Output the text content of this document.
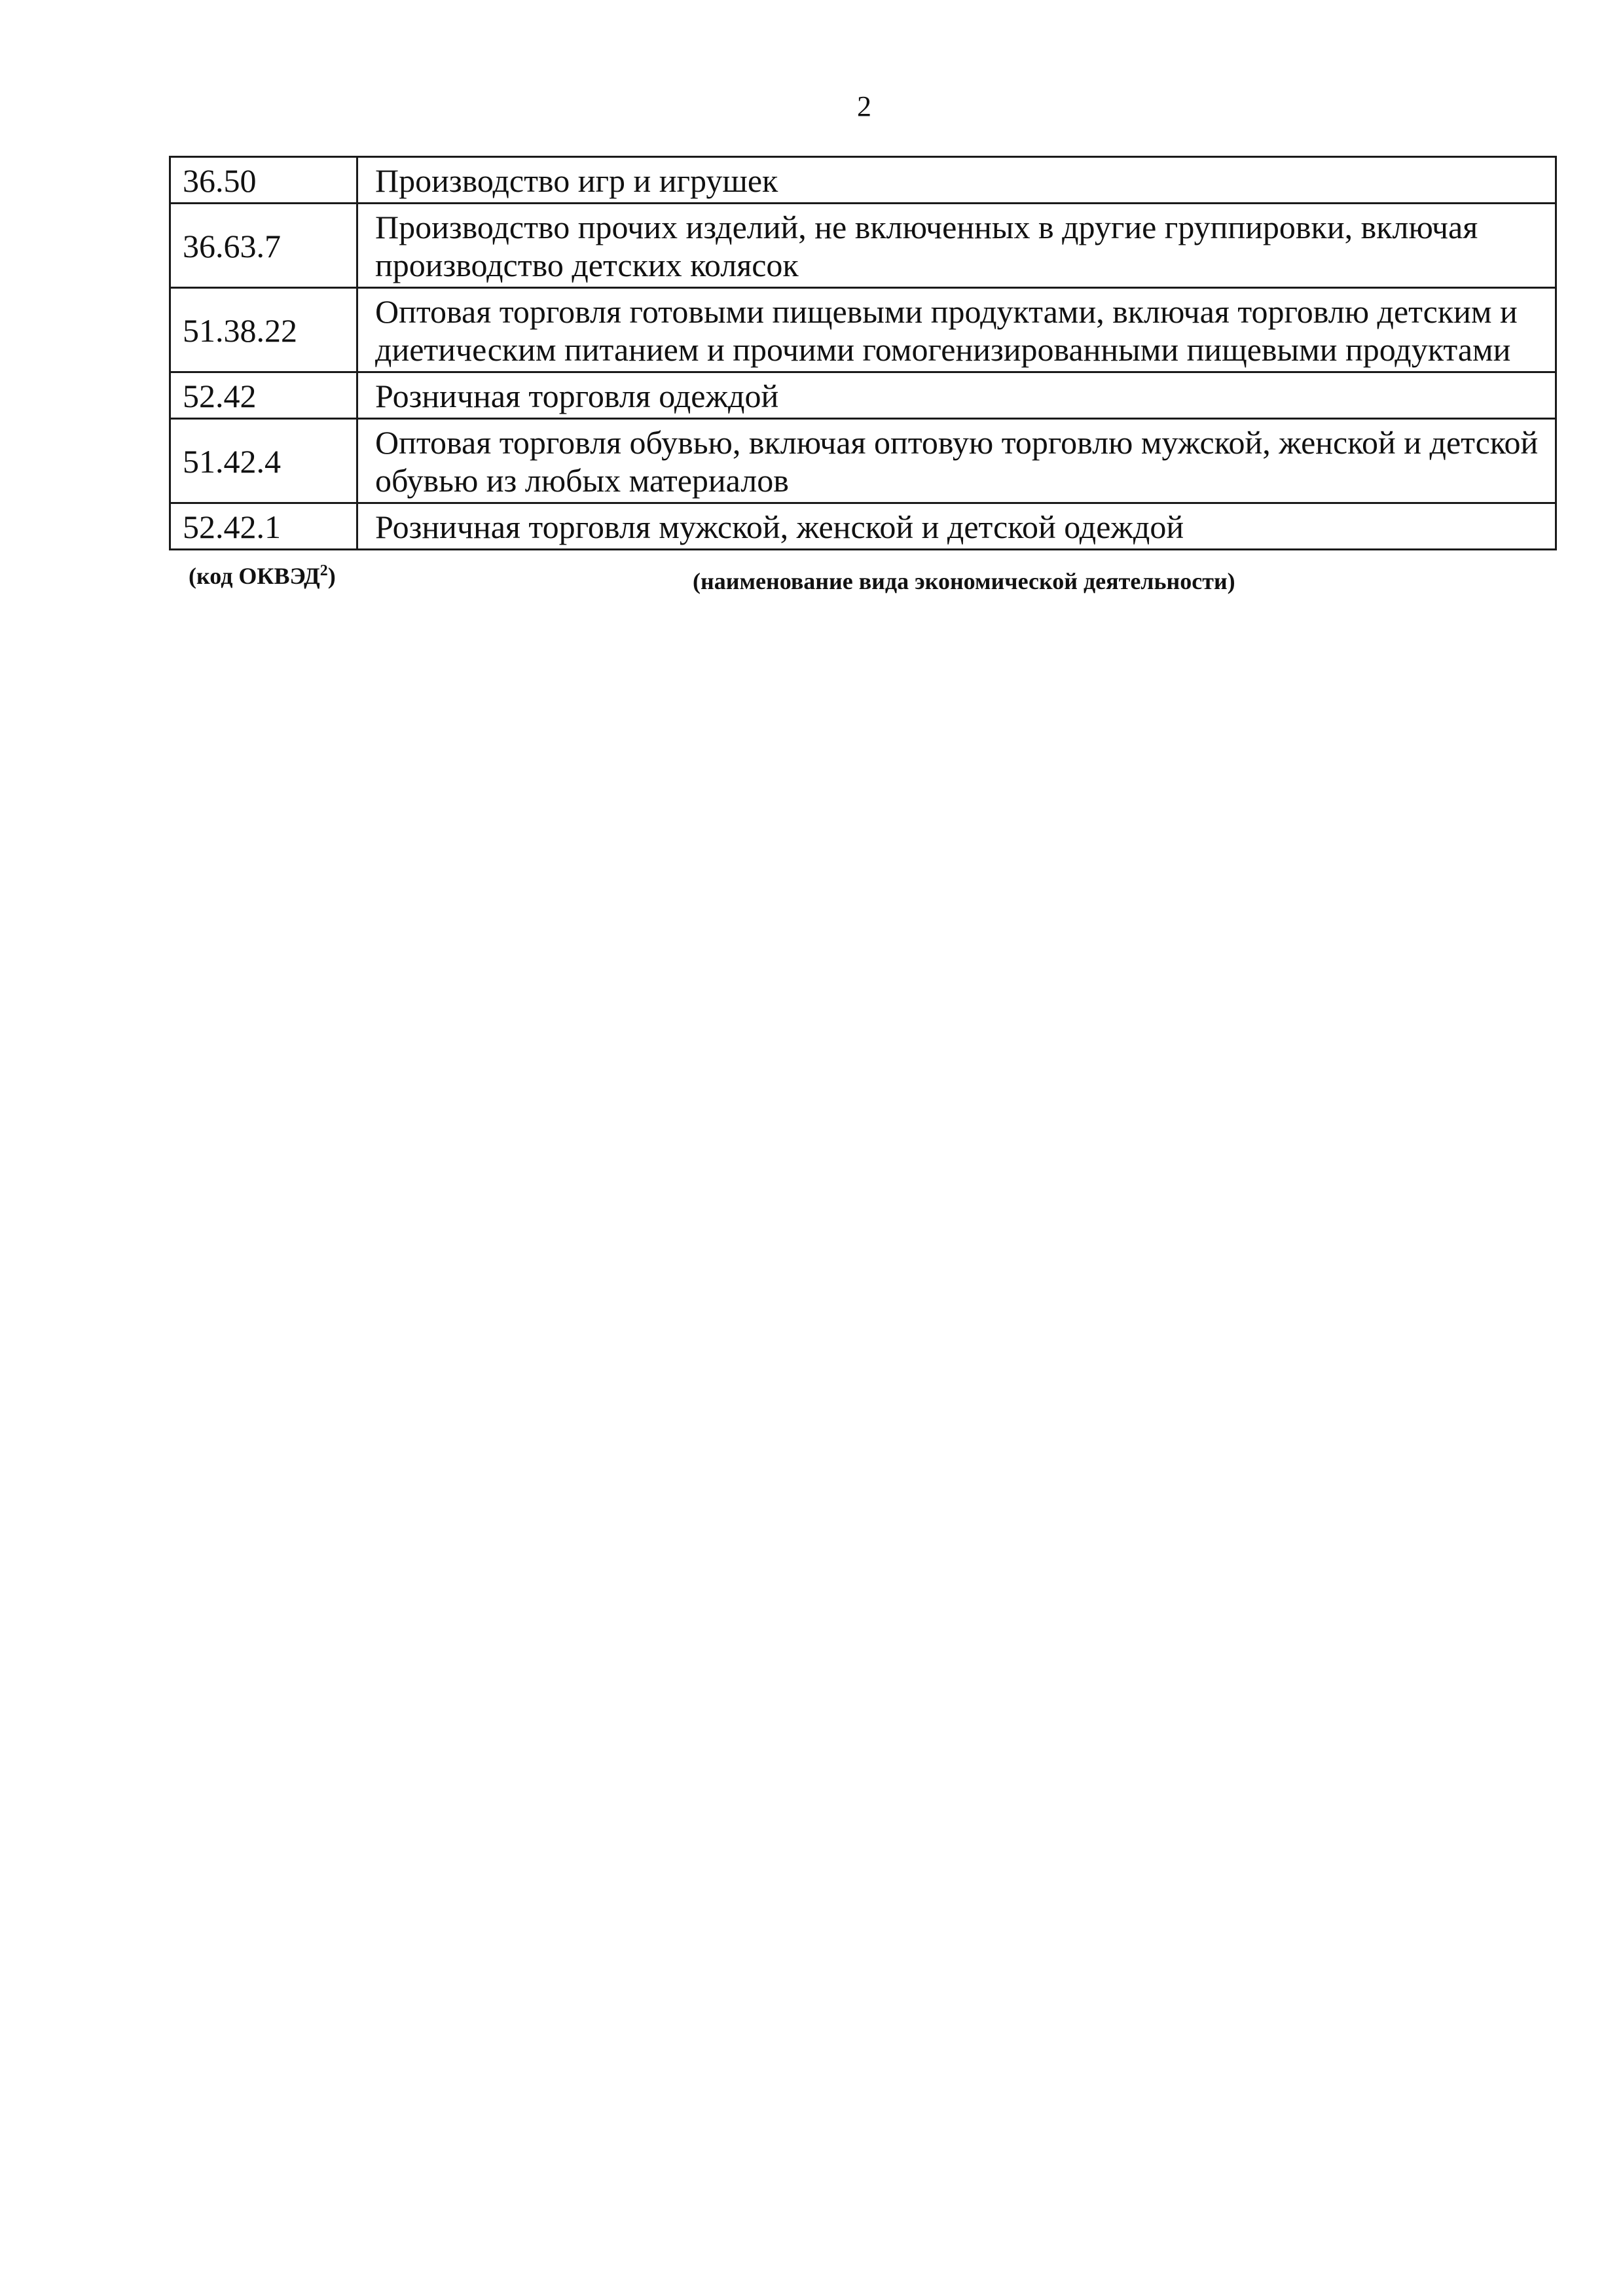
2
36.50	Производство игр и игрушек
36.63.7	Производство прочих изделий, не включенных в другие группировки, включая производство детских колясок
51.38.22	Оптовая торговля готовыми пищевыми продуктами, включая торговлю детским и диетическим питанием и прочими гомогенизированными пищевыми продуктами
52.42	Розничная торговля одеждой
51.42.4	Оптовая торговля обувью, включая оптовую торговлю мужской, женской и детской обувью из любых материалов
52.42.1	Розничная торговля мужской, женской и детской одеждой
(код ОКВЭД$^2$)	(наименование вида экономической деятельности)
